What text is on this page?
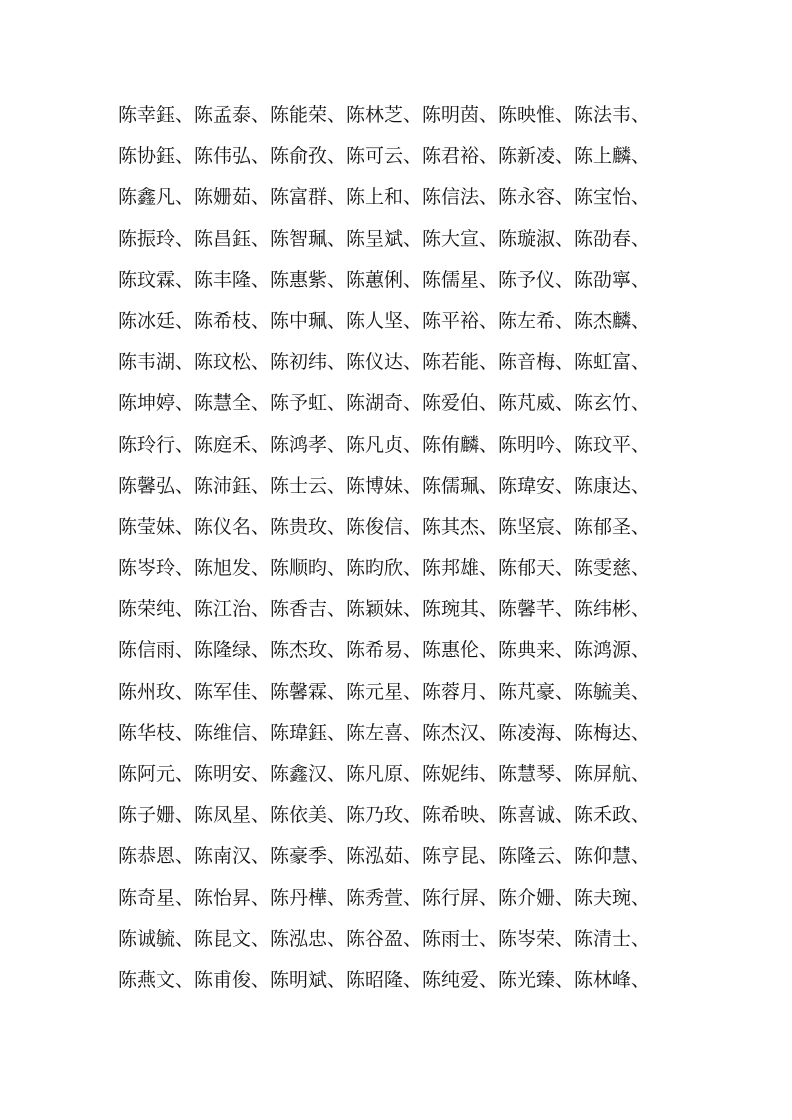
陈幸鈺、陈孟泰、陈能荣、陈林芝、陈明茵、陈映惟、陈法韦、
陈协鈺、陈伟弘、陈俞孜、陈可云、陈君裕、陈新凌、陈上麟、
陈鑫凡、陈姗茹、陈富群、陈上和、陈信法、陈永容、陈宝怡、
陈振玲、陈昌鈺、陈智珮、陈呈斌、陈大宣、陈璇淑、陈劭春、
陈玟霖、陈丰隆、陈惠紫、陈蕙俐、陈儒星、陈予仪、陈劭寧、
陈冰廷、陈希枝、陈中珮、陈人坚、陈平裕、陈左希、陈杰麟、
陈韦湖、陈玟松、陈初纬、陈仪达、陈若能、陈音梅、陈虹富、
陈坤婷、陈慧全、陈予虹、陈湖奇、陈爱伯、陈芃威、陈玄竹、
陈玲行、陈庭禾、陈鸿孝、陈凡贞、陈侑麟、陈明吟、陈玟平、
陈馨弘、陈沛鈺、陈士云、陈博妹、陈儒珮、陈瑋安、陈康达、
陈莹妹、陈仪名、陈贵玫、陈俊信、陈其杰、陈坚宸、陈郁圣、
陈岑玲、陈旭发、陈顺昀、陈昀欣、陈邦雄、陈郁天、陈雯慈、
陈荣纯、陈江治、陈香吉、陈颖妹、陈琬其、陈馨芊、陈纬彬、
陈信雨、陈隆绿、陈杰玫、陈希易、陈惠伦、陈典来、陈鸿源、
陈州玫、陈军佳、陈馨霖、陈元星、陈蓉月、陈芃豪、陈毓美、
陈华枝、陈维信、陈瑋鈺、陈左喜、陈杰汉、陈凌海、陈梅达、
陈阿元、陈明安、陈鑫汉、陈凡原、陈妮纬、陈慧琴、陈屏航、
陈子姗、陈凤星、陈依美、陈乃玫、陈希映、陈喜诚、陈禾政、
陈恭恩、陈南汉、陈豪季、陈泓茹、陈亨昆、陈隆云、陈仰慧、
陈奇星、陈怡昇、陈丹樺、陈秀萱、陈行屏、陈介姗、陈夫琬、
陈诚毓、陈昆文、陈泓忠、陈谷盈、陈雨士、陈岑荣、陈清士、
陈燕文、陈甫俊、陈明斌、陈昭隆、陈纯爱、陈光臻、陈林峰、
